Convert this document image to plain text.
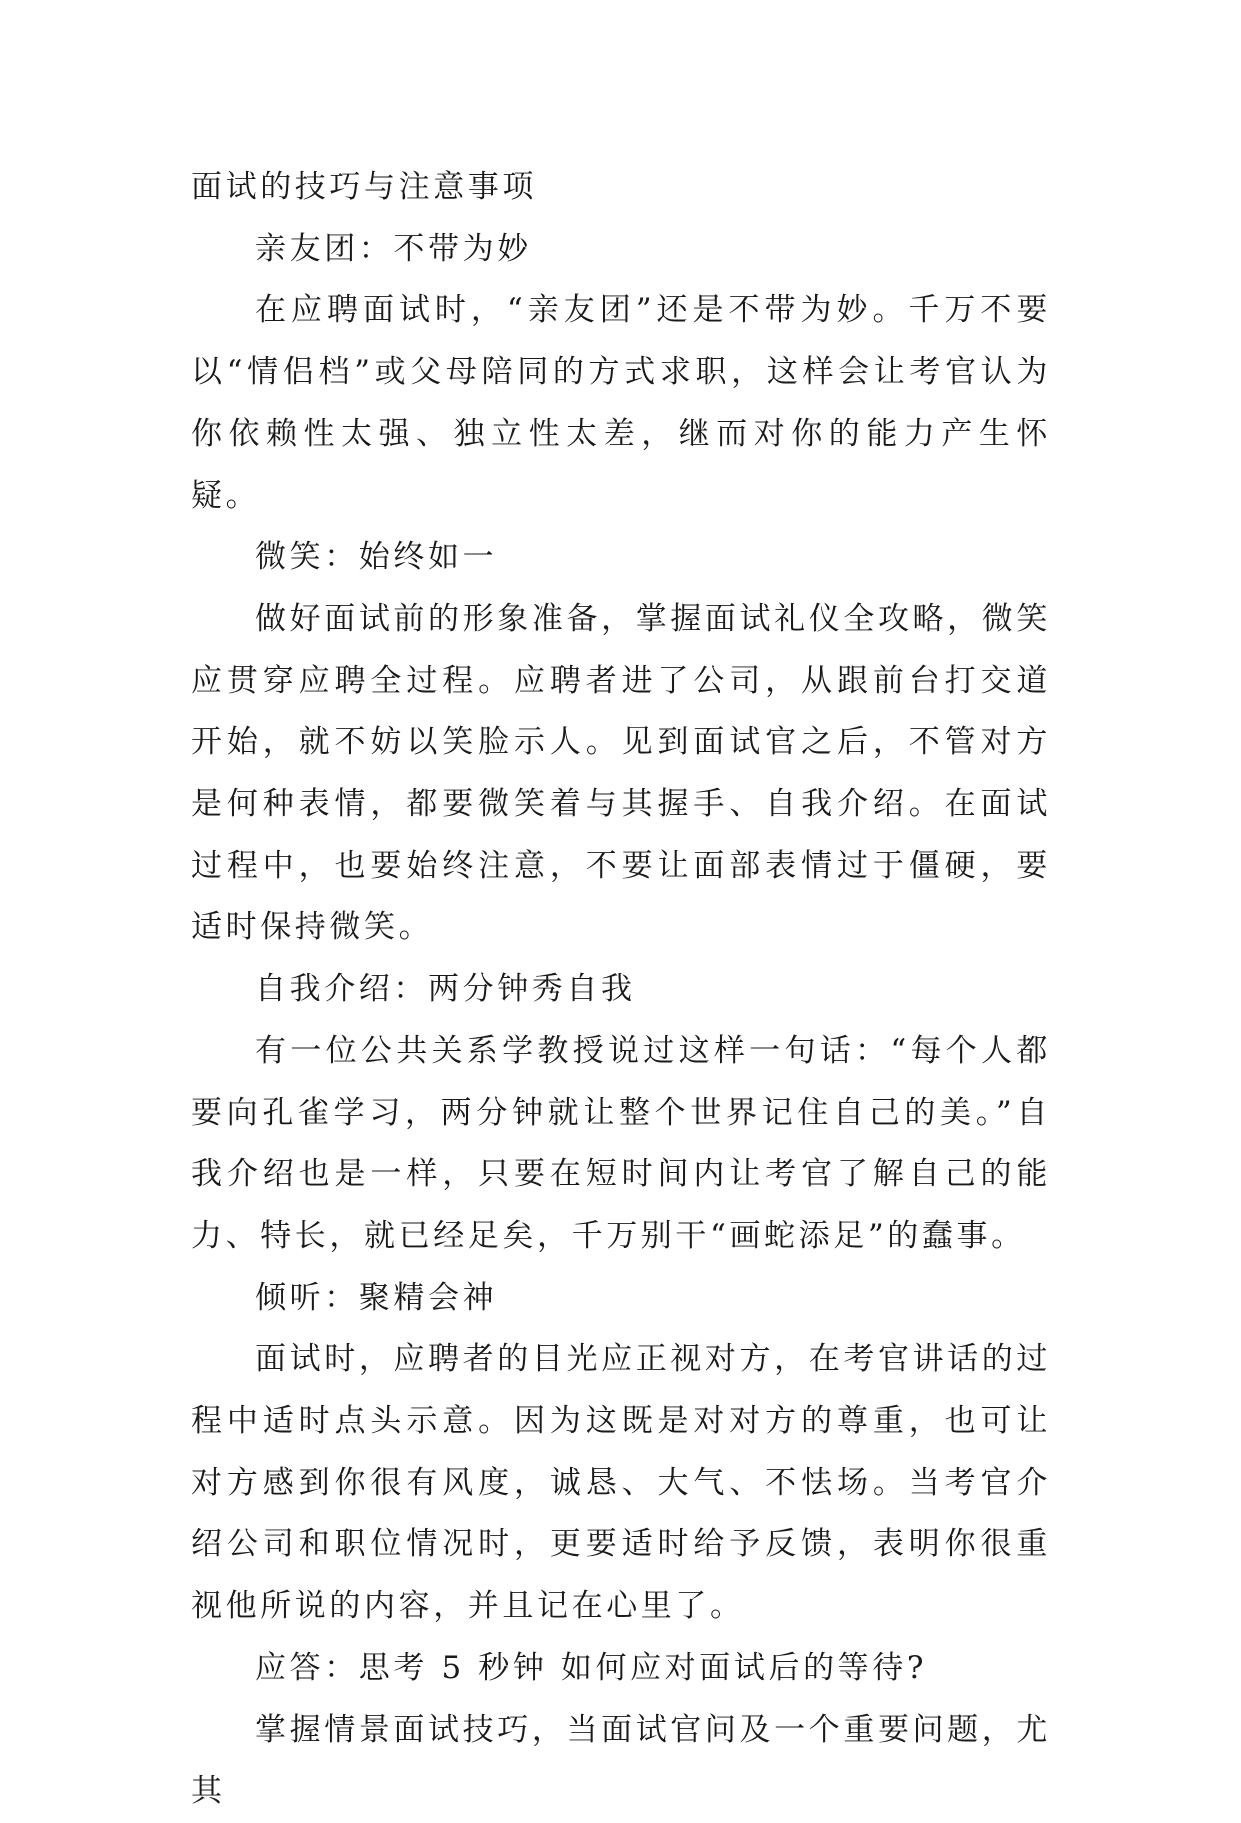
面试的技巧与注意事项

亲友团：不带为妙

在应聘面试时，“亲友团”还是不带为妙。千万不要以“情侣档”或父母陪同的方式求职，这样会让考官认为你依赖性太强、独立性太差，继而对你的能力产生怀疑。

微笑：始终如一

做好面试前的形象准备，掌握面试礼仪全攻略，微笑应贯穿应聘全过程。应聘者进了公司，从跟前台打交道开始，就不妨以笑脸示人。见到面试官之后，不管对方是何种表情，都要微笑着与其握手、自我介绍。在面试过程中，也要始终注意，不要让面部表情过于僵硬，要适时保持微笑。

自我介绍：两分钟秀自我

有一位公共关系学教授说过这样一句话：“每个人都要向孔雀学习，两分钟就让整个世界记住自己的美。”自我介绍也是一样，只要在短时间内让考官了解自己的能力、特长，就已经足矣，千万别干“画蛇添足”的蠢事。

倾听：聚精会神

面试时，应聘者的目光应正视对方，在考官讲话的过程中适时点头示意。因为这既是对对方的尊重，也可让对方感到你很有风度，诚恳、大气、不怯场。当考官介绍公司和职位情况时，更要适时给予反馈，表明你很重视他所说的内容，并且记在心里了。

应答：思考 5 秒钟 如何应对面试后的等待?

掌握情景面试技巧，当面试官问及一个重要问题，尤其
